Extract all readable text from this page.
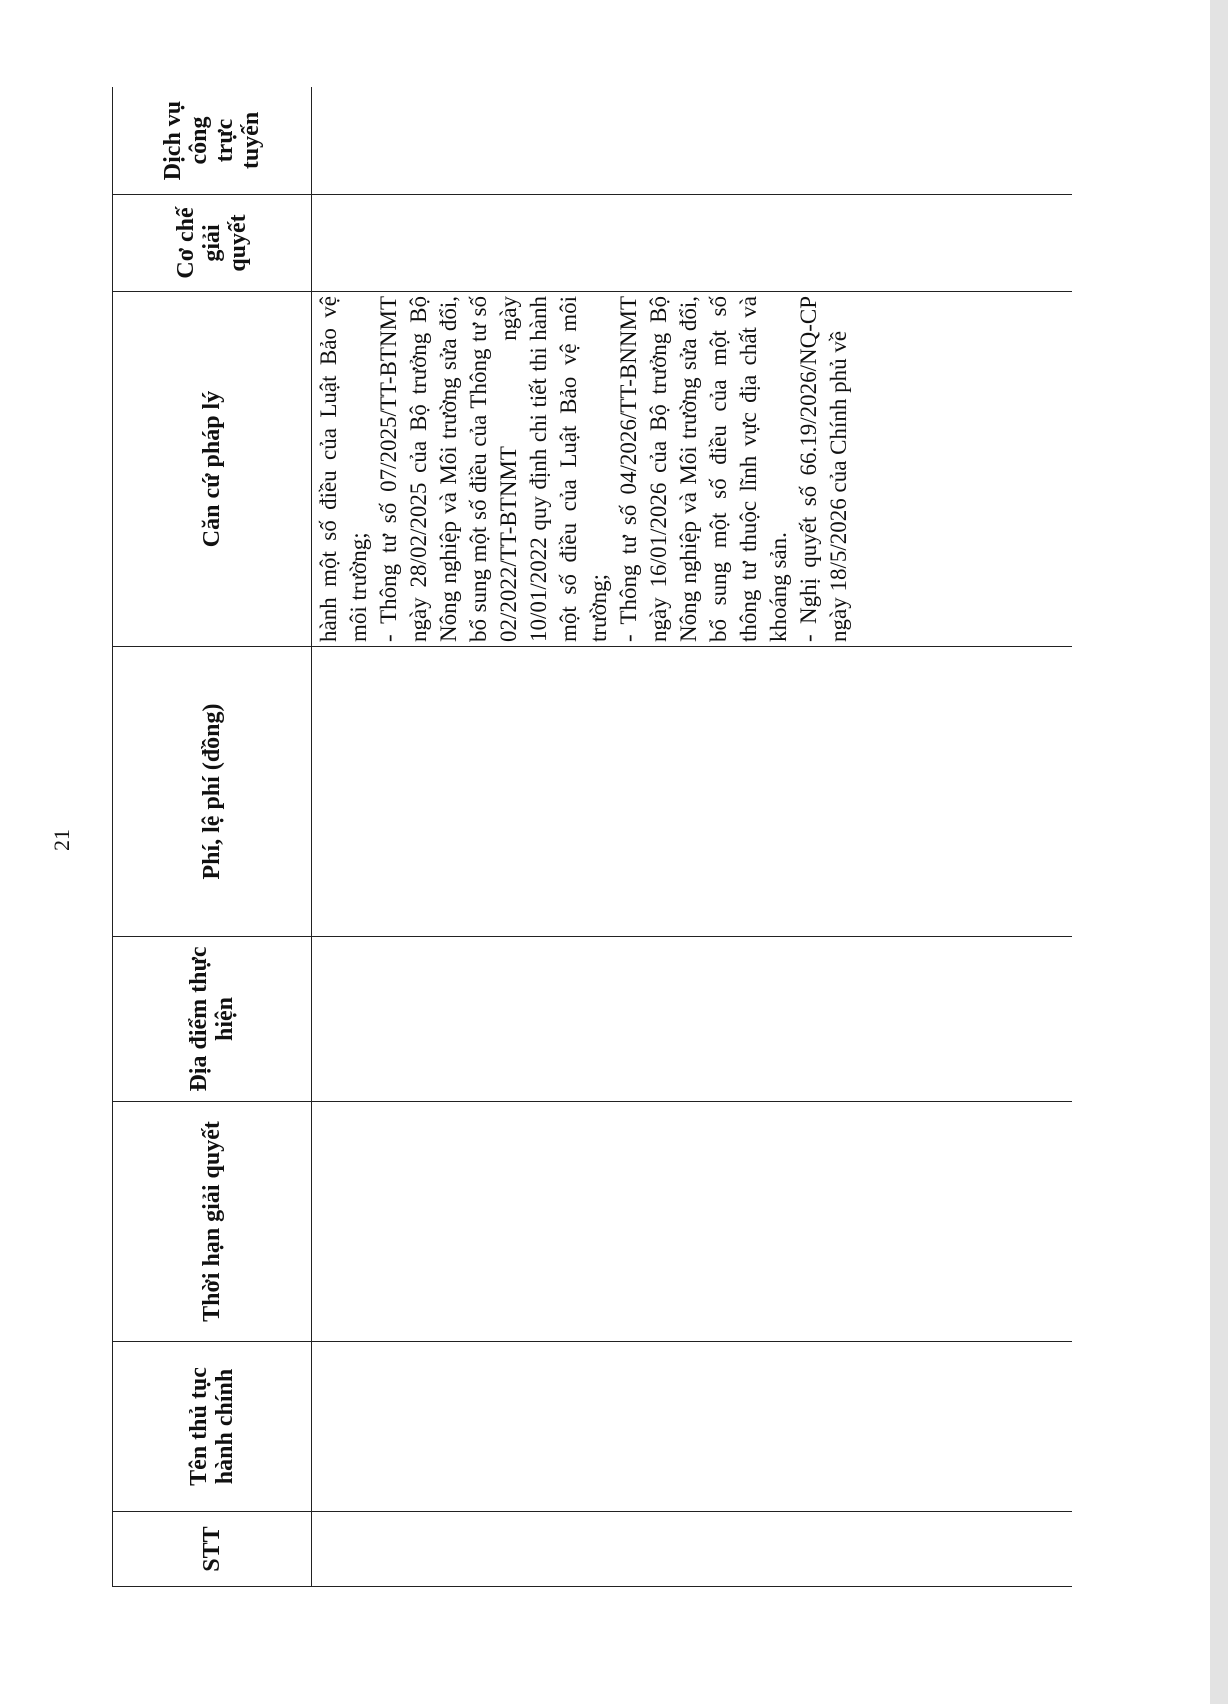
21
STT	Tên thủ tục hành chính	Thời hạn giải quyết	Địa điểm thực hiện	Phí, lệ phí (đồng)	Căn cứ pháp lý	Cơ chế giải quyết	Dịch vụ công trực tuyến

					hành một số điều của Luật Bảo vệ môi trường; - Thông tư số 07/2025/TT-BTNMT ngày 28/02/2025 của Bộ trưởng Bộ Nông nghiệp và Môi trường sửa đổi, bổ sung một số điều của Thông tư số 02/2022/TT-BTNMT ngày 10/01/2022 quy định chi tiết thi hành một số điều của Luật Bảo vệ môi trường; - Thông tư số 04/2026/TT-BNNMT ngày 16/01/2026 của Bộ trưởng Bộ Nông nghiệp và Môi trường sửa đổi, bổ sung một số điều của một số thông tư thuộc lĩnh vực địa chất và khoáng sản. - Nghị quyết số 66.19/2026/NQ-CP ngày 18/5/2026 của Chính phủ về		
